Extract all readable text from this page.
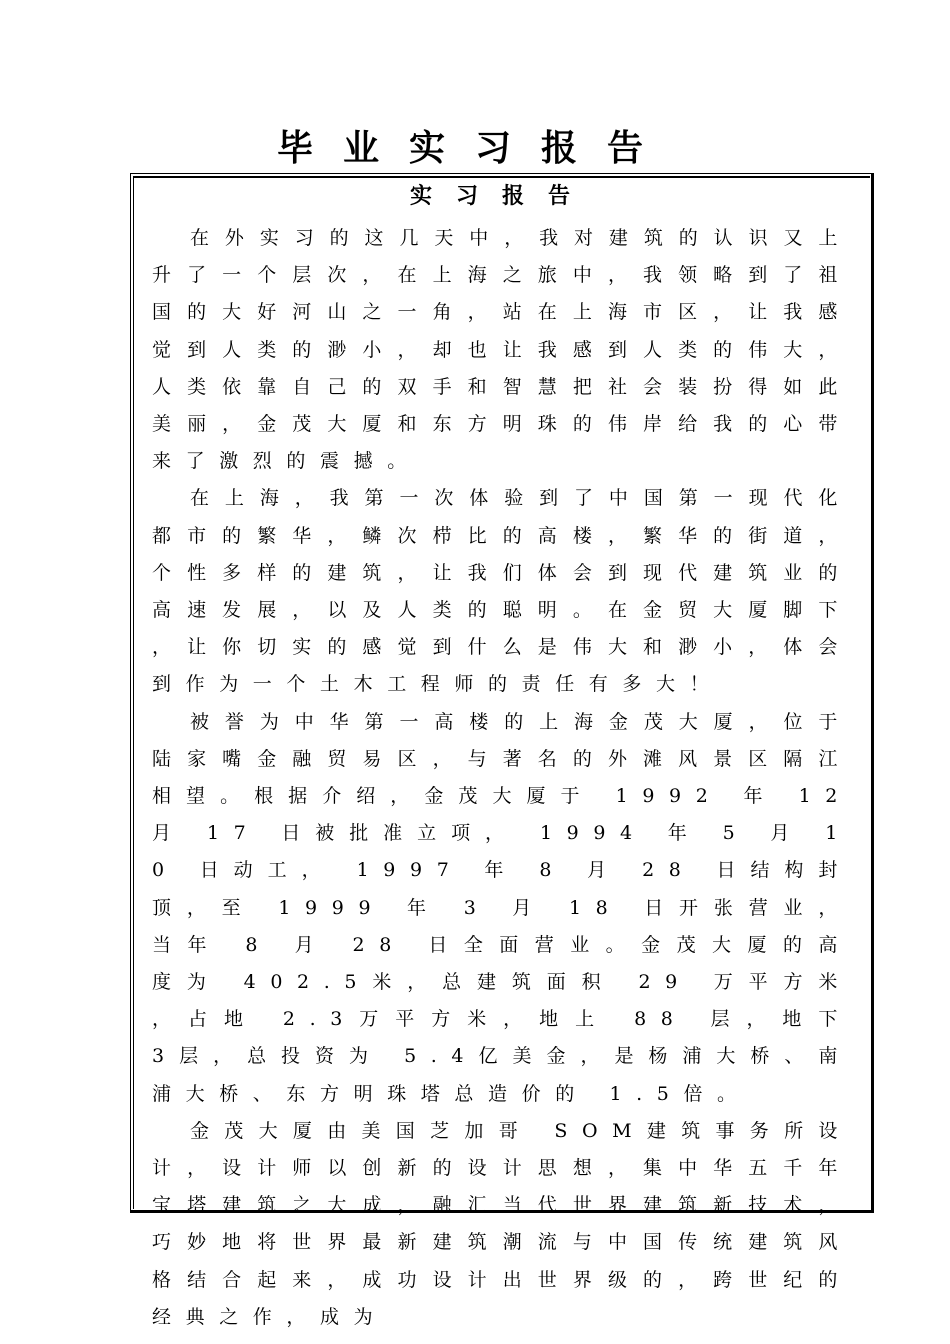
毕业实习报告
实习报告

在外实习的这几天中，我对建筑的认识又上升了一个层次，在上海之旅中，我领略到了祖国的大好河山之一角，站在上海市区，让我感觉到人类的渺小，却也让我感到人类的伟大，人类依靠自己的双手和智慧把社会装扮得如此美丽，金茂大厦和东方明珠的伟岸给我的心带来了激烈的震撼。

在上海，我第一次体验到了中国第一现代化都市的繁华，鳞次栉比的高楼，繁华的街道，个性多样的建筑，让我们体会到现代建筑业的高速发展，以及人类的聪明。在金贸大厦脚下，让你切实的感觉到什么是伟大和渺小，体会到作为一个土木工程师的责任有多大！

被誉为中华第一高楼的上海金茂大厦，位于陆家嘴金融贸易区，与著名的外滩风景区隔江相望。根据介绍，金茂大厦于 1992 年 12 月 17 日被批准立项， 1994 年 5 月 10 日动工， 1997 年 8 月 28 日结构封顶，至 1999 年 3 月 18 日开张营业，当年 8 月 28 日全面营业。金茂大厦的高度为 402.5米，总建筑面积 29 万平方米，占地 2.3万平方米，地上 88 层，地下 3层，总投资为 5.4亿美金，是杨浦大桥、南浦大桥、东方明珠塔总造价的 1.5倍。

金茂大厦由美国芝加哥 SOM建筑事务所设计，设计师以创新的设计思想，集中华五千年宝塔建筑之大成，融汇当代世界建筑新技术，巧妙地将世界最新建筑潮流与中国传统建筑风格结合起来，成功设计出世界级的，跨世纪的经典之作，成为
